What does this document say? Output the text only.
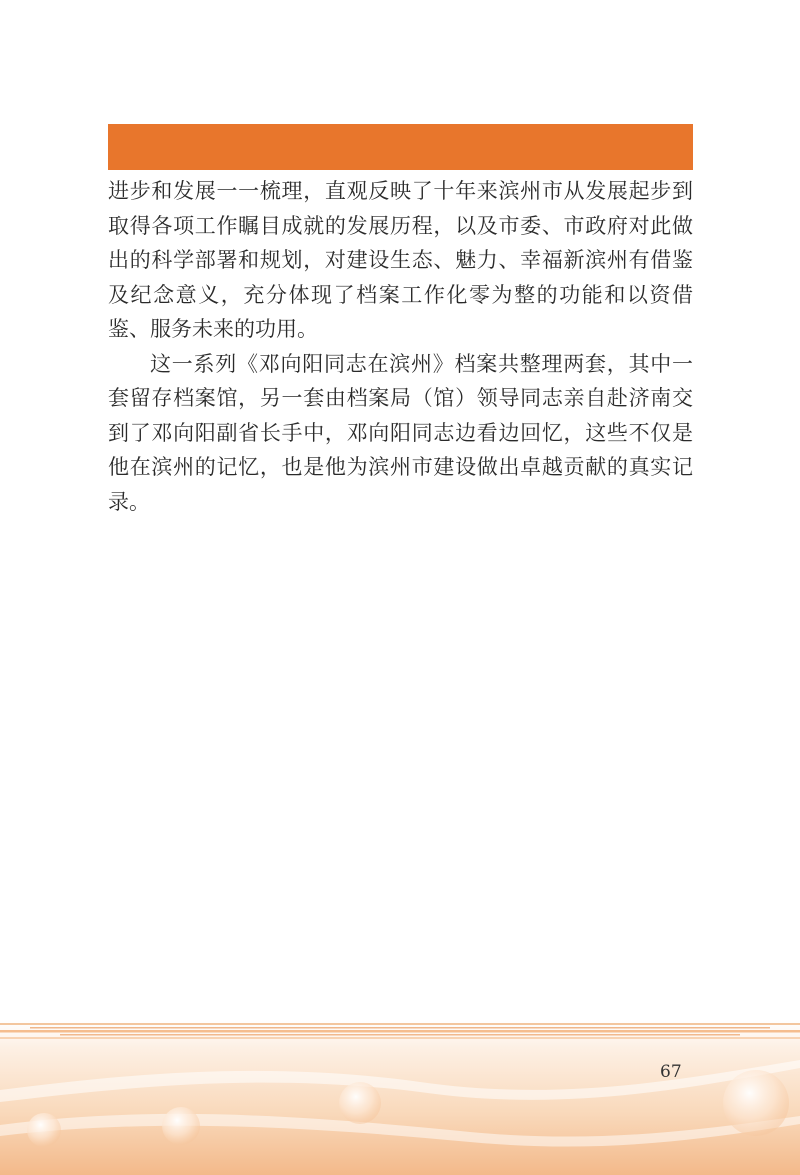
进步和发展一一梳理，直观反映了十年来滨州市从发展起步到取得各项工作瞩目成就的发展历程，以及市委、市政府对此做出的科学部署和规划，对建设生态、魅力、幸福新滨州有借鉴及纪念意义，充分体现了档案工作化零为整的功能和以资借鉴、服务未来的功用。

这一系列《邓向阳同志在滨州》档案共整理两套，其中一套留存档案馆，另一套由档案局（馆）领导同志亲自赴济南交到了邓向阳副省长手中，邓向阳同志边看边回忆，这些不仅是他在滨州的记忆，也是他为滨州市建设做出卓越贡献的真实记录。

67
